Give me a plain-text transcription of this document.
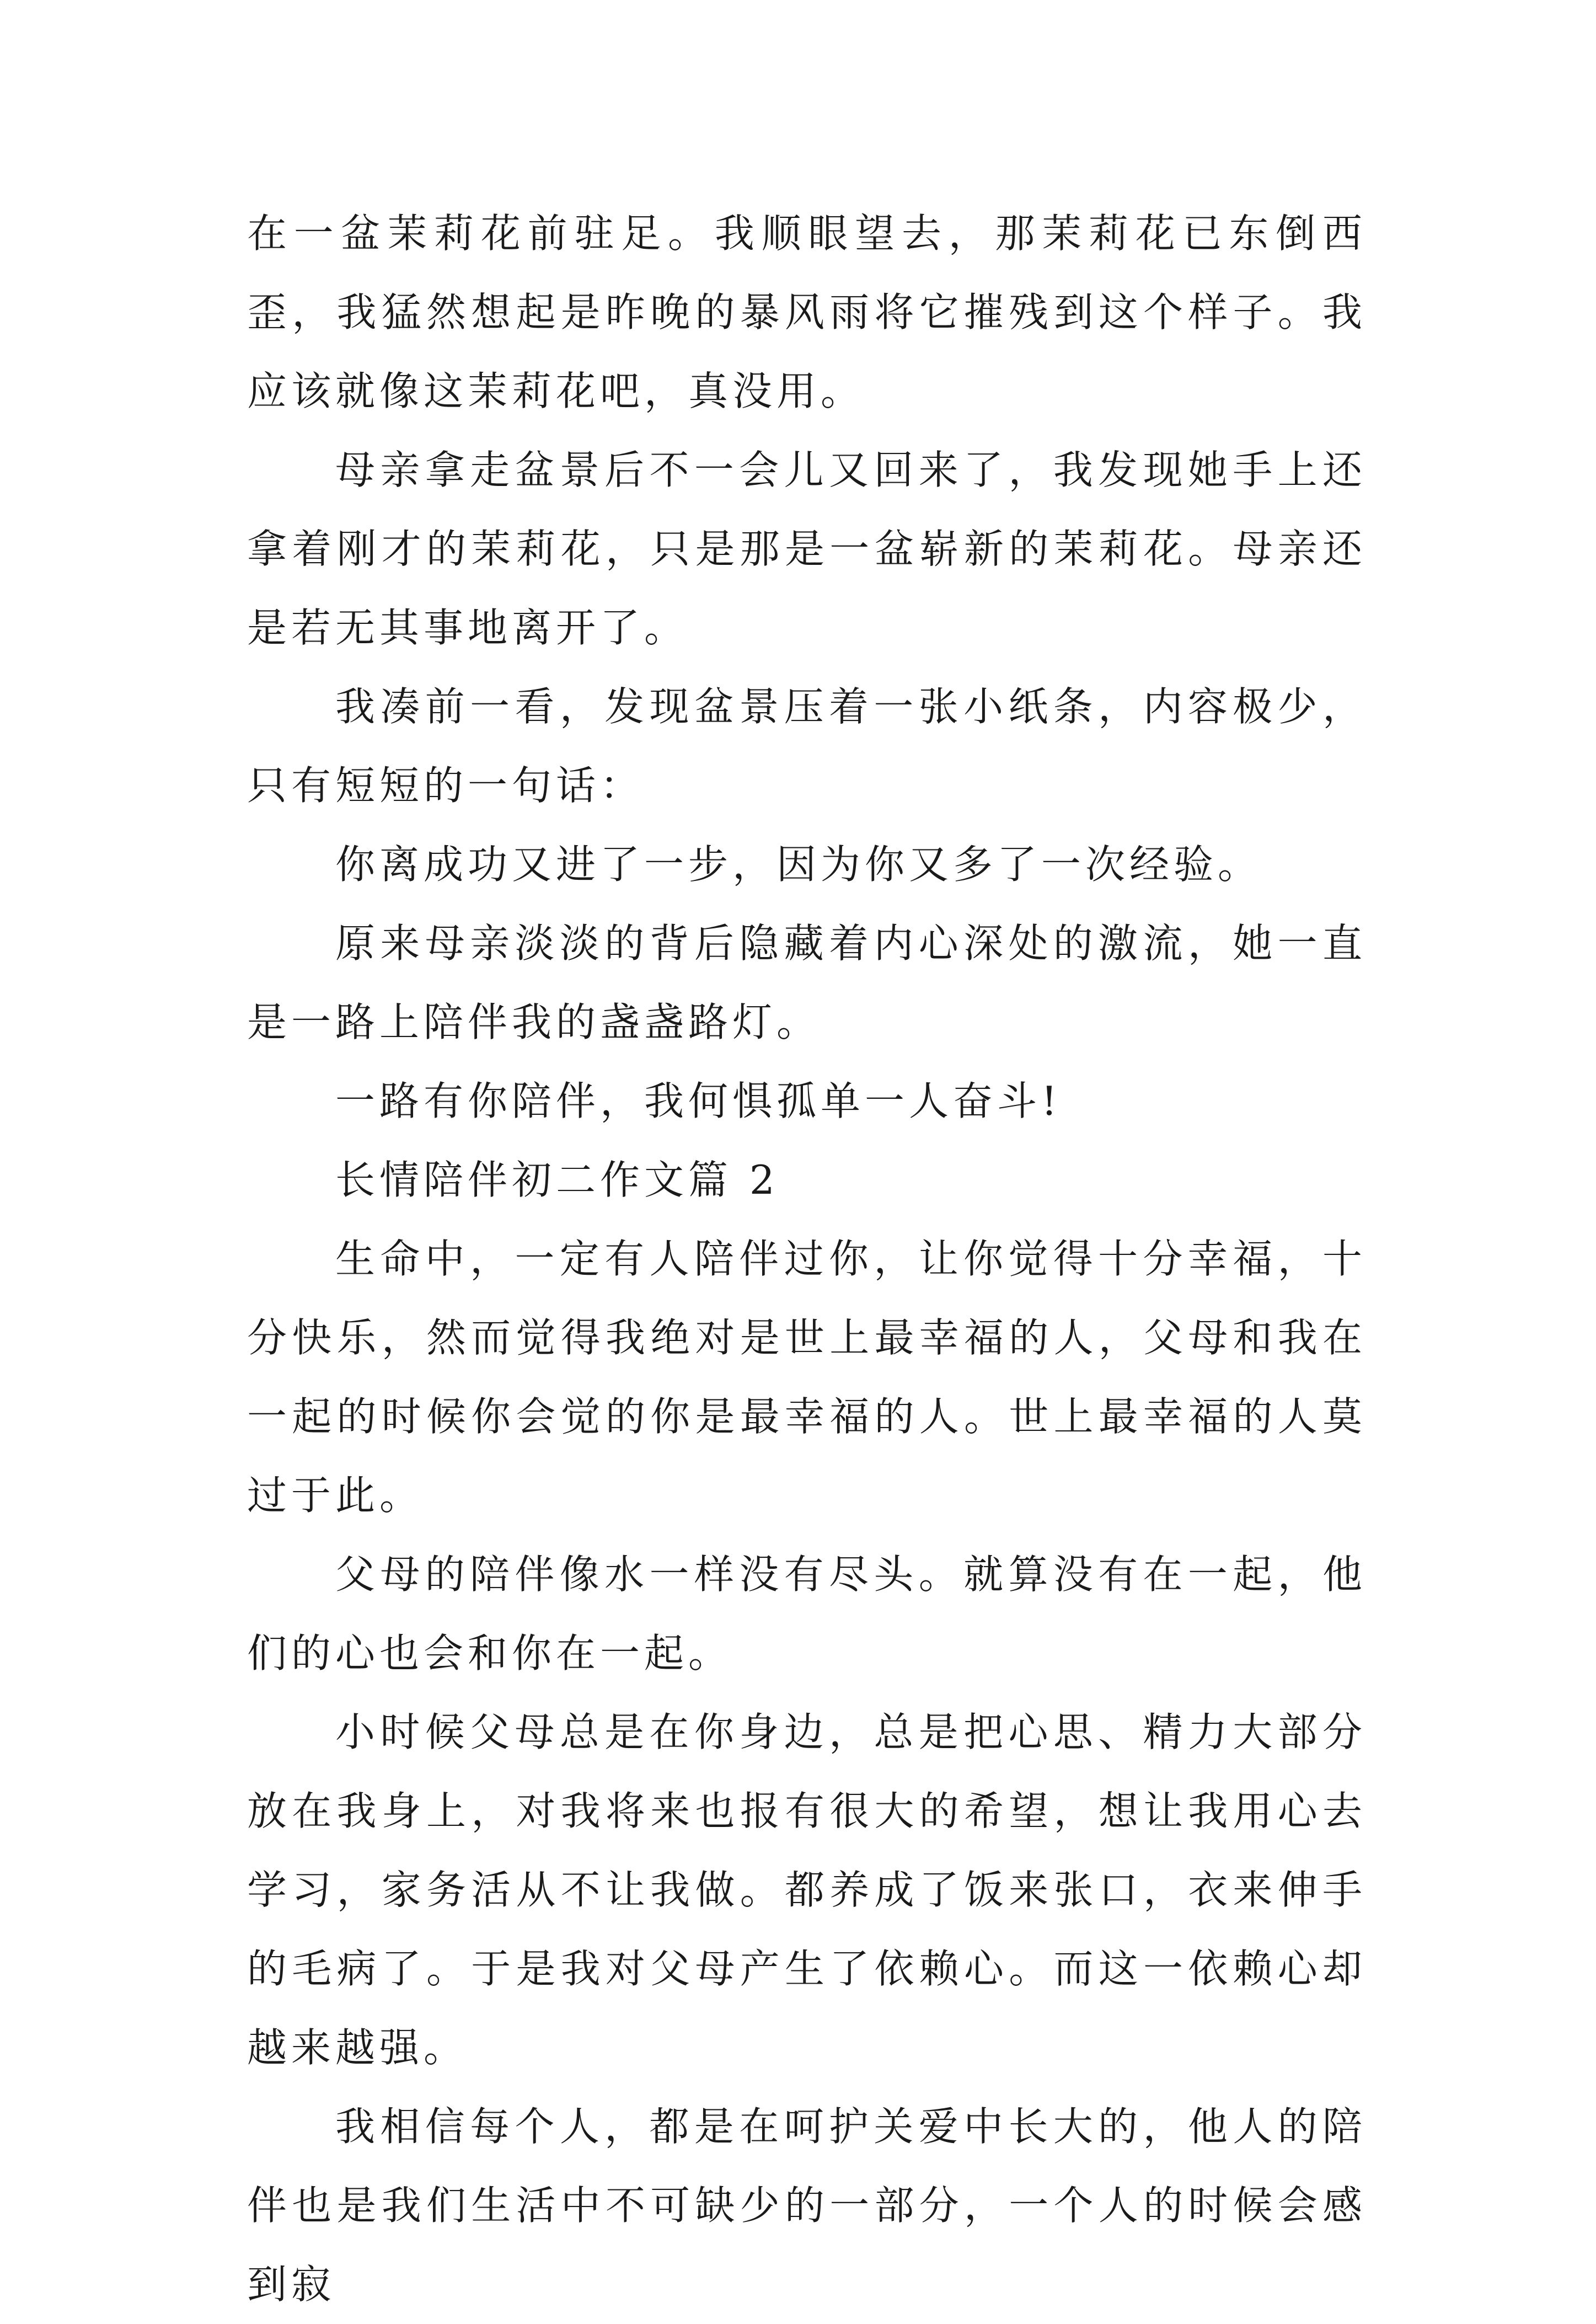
在一盆茉莉花前驻足。我顺眼望去，那茉莉花已东倒西歪，我猛然想起是昨晚的暴风雨将它摧残到这个样子。我应该就像这茉莉花吧，真没用。

母亲拿走盆景后不一会儿又回来了，我发现她手上还拿着刚才的茉莉花，只是那是一盆崭新的茉莉花。母亲还是若无其事地离开了。

我凑前一看，发现盆景压着一张小纸条，内容极少，只有短短的一句话：

你离成功又进了一步，因为你又多了一次经验。

原来母亲淡淡的背后隐藏着内心深处的激流，她一直是一路上陪伴我的盏盏路灯。

一路有你陪伴，我何惧孤单一人奋斗!

长情陪伴初二作文篇 2

生命中，一定有人陪伴过你，让你觉得十分幸福，十分快乐，然而觉得我绝对是世上最幸福的人，父母和我在一起的时候你会觉的你是最幸福的人。世上最幸福的人莫过于此。

父母的陪伴像水一样没有尽头。就算没有在一起，他们的心也会和你在一起。

小时候父母总是在你身边，总是把心思、精力大部分放在我身上，对我将来也报有很大的希望，想让我用心去学习，家务活从不让我做。都养成了饭来张口，衣来伸手的毛病了。于是我对父母产生了依赖心。而这一依赖心却越来越强。

我相信每个人，都是在呵护关爱中长大的，他人的陪伴也是我们生活中不可缺少的一部分，一个人的时候会感到寂
